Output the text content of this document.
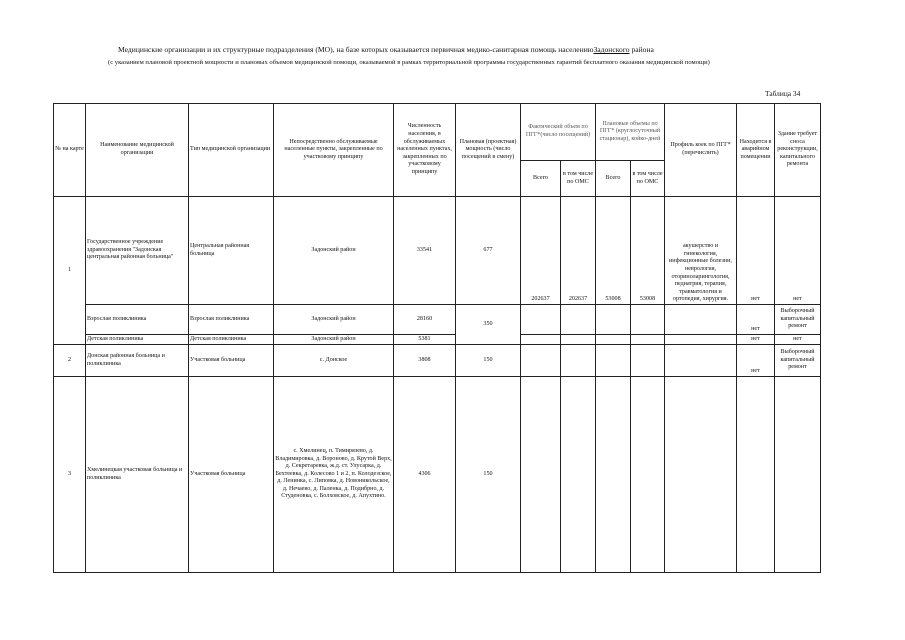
Медицинские организации и их структурные подразделения (МО), на базе которых оказывается первичная медико-санитарная помощь населениюЗадонского района
(с указанием плановой проектной мощности и плановых объемов медицинской помощи, оказываемой в рамках территориальной программы государственных гарантий бесплатного оказания медицинской помощи)
Таблица 34
№ на карте	Наименование медицинской организации	Тип медицинской организации	Непосредственно обслуживаемые населенные пункты, закрепленные по участковому принципу	Численность населения, в обслуживаемых населенных пунктах, закрепленных по участковому принципу	Плановая (проектная) мощность (число посещений в смену)	Фактический объем по ПГГ*(число посещений)		Плановые объемы по ПГГ* (круглосуточный стационар), койко-дней		Профиль коек по ПГГ* (перечислить)	Находится в аварийном помещении	Здание требует сноса реконструкции, капитального ремонта
						Всего	в том числе по ОМС	Всего	в том числе по ОМС			
1	Государственное учреждение здравоохранения "Задонская центральная районная больница"	Центральная районная больница	Задонский район	33541	677	202637	202637	53008	53008	акушерство и гинекология, инфекционные болезни, неврология, оториноларингология, педиатрия, терапия, травматология и ортопедия, хирургия.	нет	нет
	Взрослая поликлиника	Взрослая поликлиника	Задонский район	28160	350						нет	Выборочный капитальный ремонт
	Детская поликлиника	Детская поликлиника	Задонский район	5381							нет	нет
2	Донская районная больница и поликлиника	Участковая больница	с. Донское	3808	150						нет	Выборочный капитальный ремонт
3	Хмелинецкая участковая больница и поликлиника	Участковая больница	с. Хмелинец, п. Тимирязево, д. Владимировка, д. Вороново, д. Крутой Верх, д. Секретаревка, ж.д. ст. Улусарка, д. Бехтеевка, д. Колесово 1 и 2, п. Колодезское, д. Ленинка, с. Липовка, д. Новоникольское, д. Нечаево, д. Паленка, д. Подибрно, д. Студеновка, с. Болховское, д. Апухтино.	4306	150							
